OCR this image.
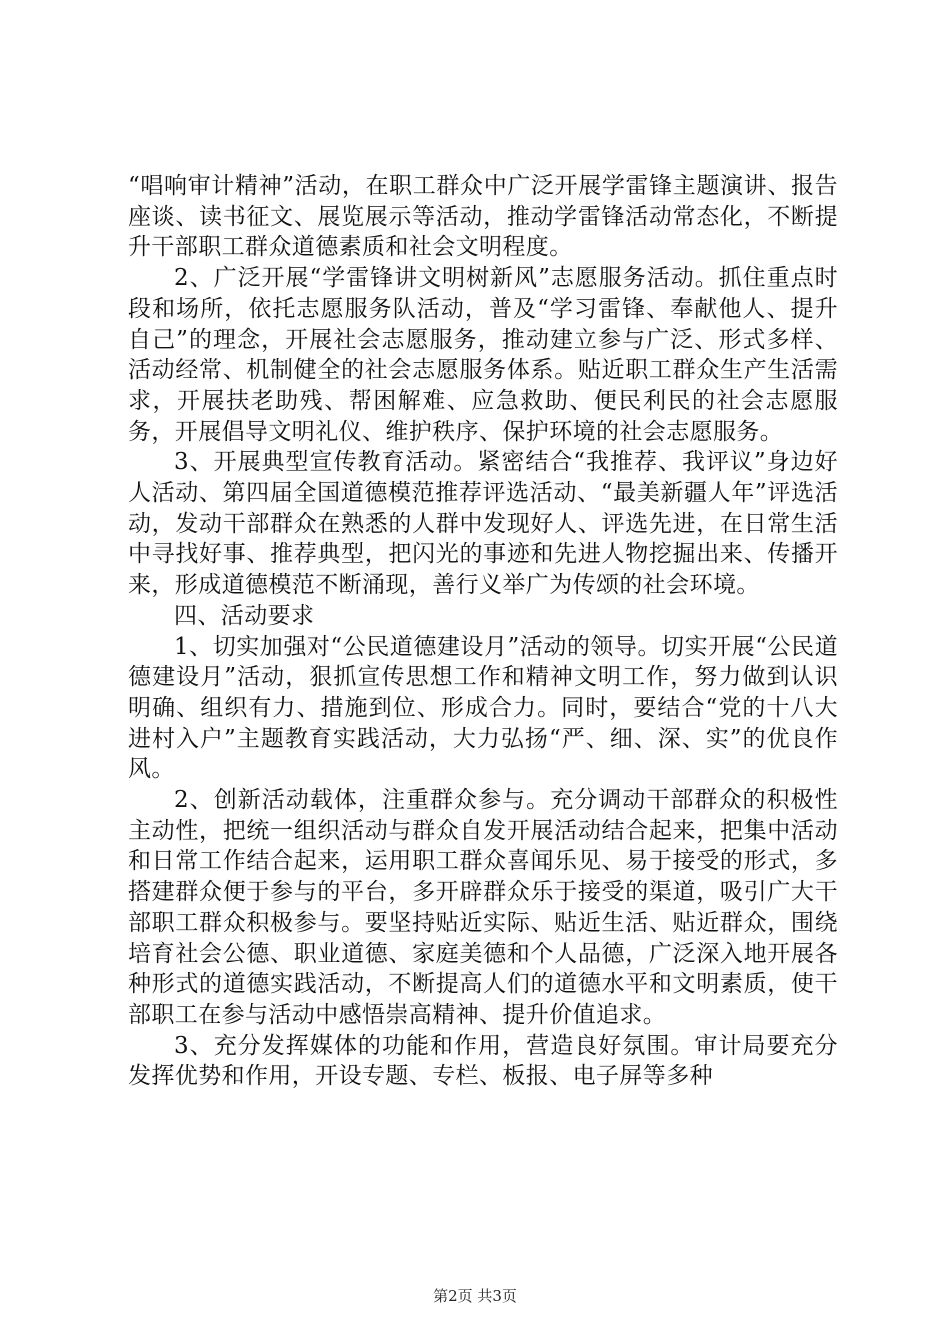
“唱响审计精神”活动，在职工群众中广泛开展学雷锋主题演讲、报告座谈、读书征文、展览展示等活动，推动学雷锋活动常态化，不断提升干部职工群众道德素质和社会文明程度。

2、广泛开展“学雷锋讲文明树新风”志愿服务活动。抓住重点时段和场所，依托志愿服务队活动，普及“学习雷锋、奉献他人、提升自己”的理念，开展社会志愿服务，推动建立参与广泛、形式多样、活动经常、机制健全的社会志愿服务体系。贴近职工群众生产生活需求，开展扶老助残、帮困解难、应急救助、便民利民的社会志愿服务，开展倡导文明礼仪、维护秩序、保护环境的社会志愿服务。

3、开展典型宣传教育活动。紧密结合“我推荐、我评议”身边好人活动、第四届全国道德模范推荐评选活动、“最美新疆人年”评选活动，发动干部群众在熟悉的人群中发现好人、评选先进，在日常生活中寻找好事、推荐典型，把闪光的事迹和先进人物挖掘出来、传播开来，形成道德模范不断涌现，善行义举广为传颂的社会环境。

四、活动要求

1、切实加强对“公民道德建设月”活动的领导。切实开展“公民道德建设月”活动，狠抓宣传思想工作和精神文明工作，努力做到认识明确、组织有力、措施到位、形成合力。同时，要结合“党的十八大进村入户”主题教育实践活动，大力弘扬“严、细、深、实”的优良作风。

2、创新活动载体，注重群众参与。充分调动干部群众的积极性主动性，把统一组织活动与群众自发开展活动结合起来，把集中活动和日常工作结合起来，运用职工群众喜闻乐见、易于接受的形式，多搭建群众便于参与的平台，多开辟群众乐于接受的渠道，吸引广大干部职工群众积极参与。要坚持贴近实际、贴近生活、贴近群众，围绕培育社会公德、职业道德、家庭美德和个人品德，广泛深入地开展各种形式的道德实践活动，不断提高人们的道德水平和文明素质，使干部职工在参与活动中感悟崇高精神、提升价值追求。

3、充分发挥媒体的功能和作用，营造良好氛围。审计局要充分发挥优势和作用，开设专题、专栏、板报、电子屏等多种

第2页 共3页
